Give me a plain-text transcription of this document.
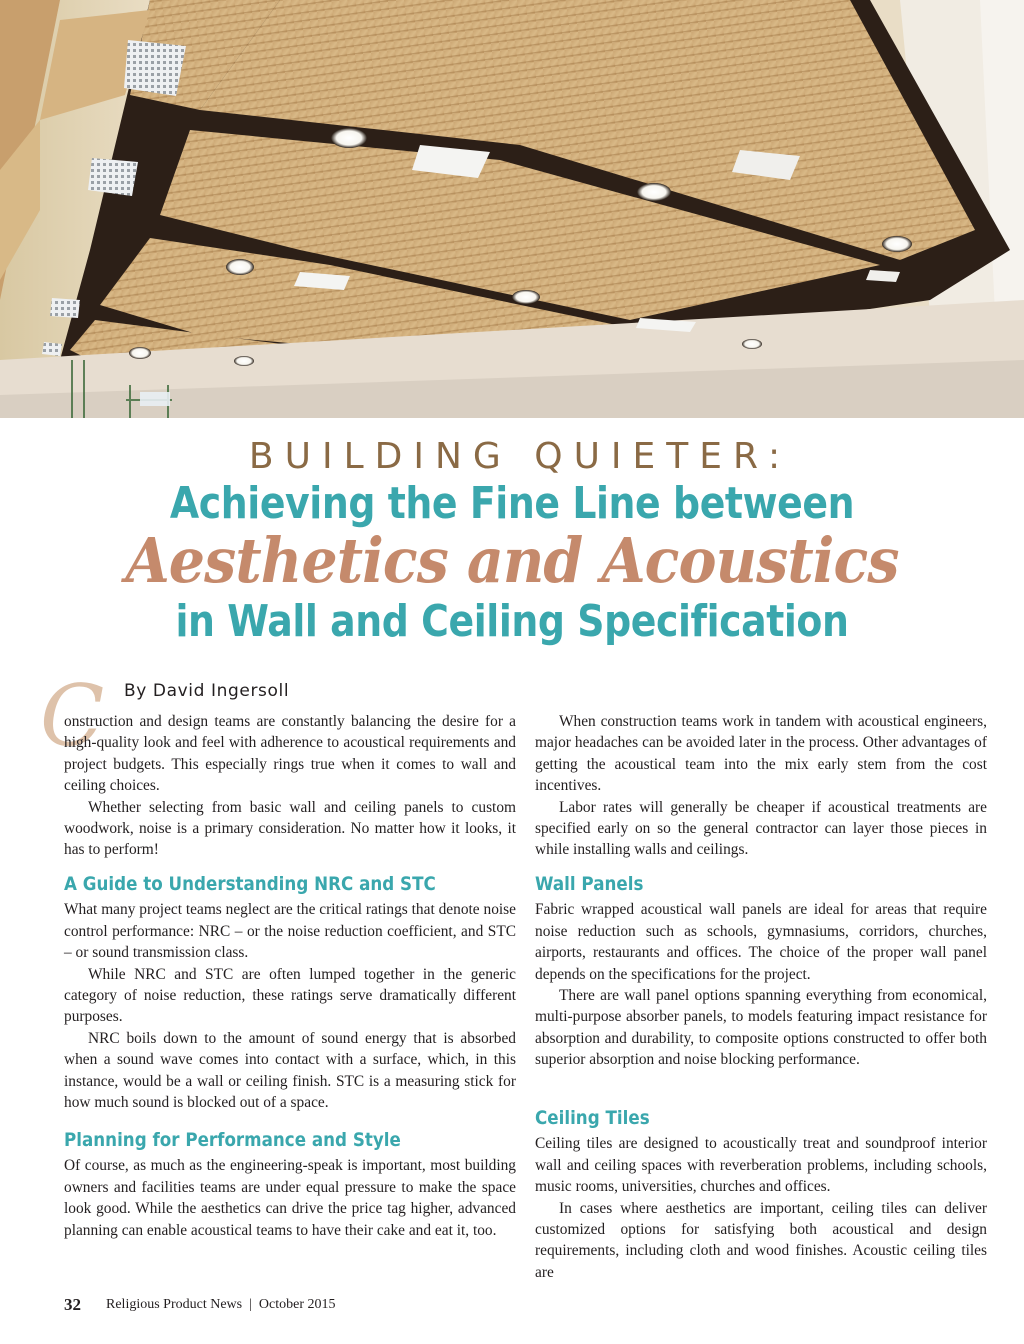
BUILDING QUIETER:
Achieving the Fine Line between
Aesthetics and Acoustics
in Wall and Ceiling Specification
C By David Ingersoll

onstruction and design teams are constantly balancing the desire for a high-quality look and feel with adherence to acoustical requirements and project budgets. This especially rings true when it comes to wall and ceiling choices.

Whether selecting from basic wall and ceiling panels to custom woodwork, noise is a primary consideration. No matter how it looks, it has to perform!

A Guide to Understanding NRC and STC

What many project teams neglect are the critical ratings that denote noise control performance: NRC – or the noise reduction coefficient, and STC – or sound transmission class.

While NRC and STC are often lumped together in the generic category of noise reduction, these ratings serve dramatically different purposes.

NRC boils down to the amount of sound energy that is absorbed when a sound wave comes into contact with a surface, which, in this instance, would be a wall or ceiling finish. STC is a measuring stick for how much sound is blocked out of a space.

Planning for Performance and Style

Of course, as much as the engineering-speak is important, most building owners and facilities teams are under equal pressure to make the space look good. While the aesthetics can drive the price tag higher, advanced planning can enable acoustical teams to have their cake and eat it, too.

When construction teams work in tandem with acoustical engineers, major headaches can be avoided later in the process. Other advantages of getting the acoustical team into the mix early stem from the cost incentives.

Labor rates will generally be cheaper if acoustical treatments are specified early on so the general contractor can layer those pieces in while installing walls and ceilings.

Wall Panels

Fabric wrapped acoustical wall panels are ideal for areas that require noise reduction such as schools, gymnasiums, corridors, churches, airports, restaurants and offices. The choice of the proper wall panel depends on the specifications for the project.

There are wall panel options spanning everything from economical, multi-purpose absorber panels, to models featuring impact resistance for absorption and durability, to composite options constructed to offer both superior absorption and noise blocking performance.

Ceiling Tiles

Ceiling tiles are designed to acoustically treat and soundproof interior wall and ceiling spaces with reverberation problems, including schools, music rooms, universities, churches and offices.

In cases where aesthetics are important, ceiling tiles can deliver customized options for satisfying both acoustical and design requirements, including cloth and wood finishes. Acoustic ceiling tiles are

32 Religious Product News  |  October 2015
